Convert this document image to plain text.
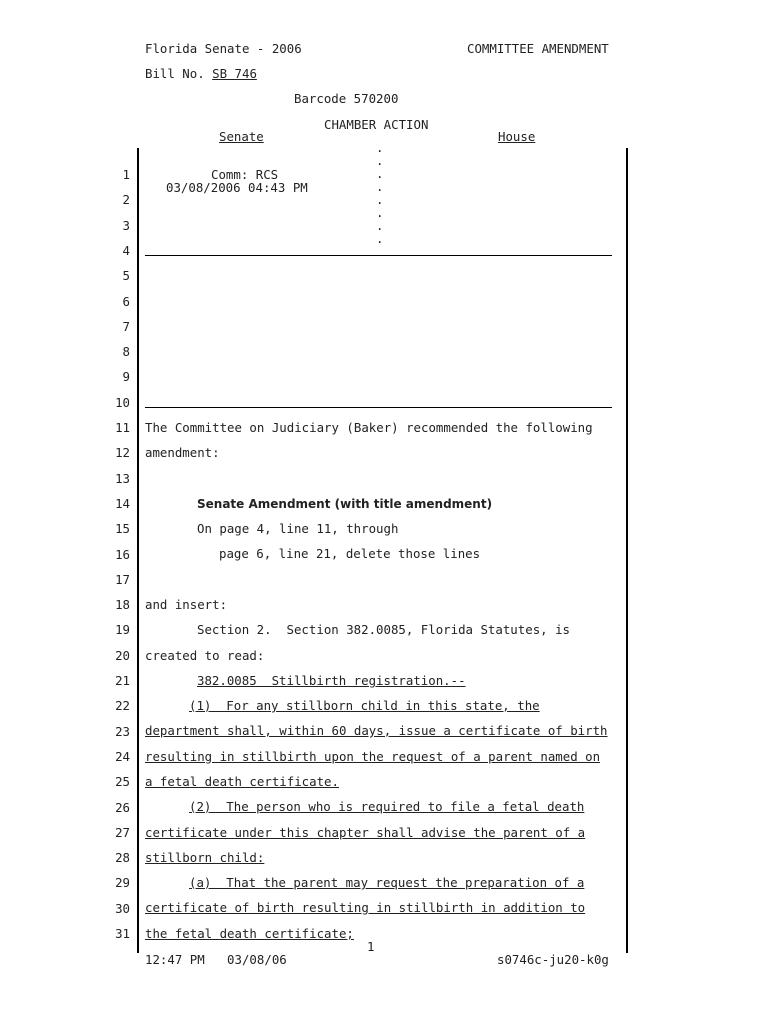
Florida Senate - 2006	COMMITTEE AMENDMENT
Bill No. SB 746
Barcode 570200
CHAMBER ACTION
Senate	House
Comm: RCS
03/08/2006 04:43 PM
.
.
.
.
.
.
.
.
1
2
3
4
5
6
7
8
9
10
11
12
13
14
15
16
17
18
19
20
21
22
23
24
25
26
27
28
29
30
31
The Committee on Judiciary (Baker) recommended the following
amendment:
Senate Amendment (with title amendment)
On page 4, line 11, through
page 6, line 21, delete those lines
and insert:
Section 2.  Section 382.0085, Florida Statutes, is
created to read:
382.0085  Stillbirth registration.--
(1)  For any stillborn child in this state, the
department shall, within 60 days, issue a certificate of birth
resulting in stillbirth upon the request of a parent named on
a fetal death certificate.
(2)  The person who is required to file a fetal death
certificate under this chapter shall advise the parent of a
stillborn child:
(a)  That the parent may request the preparation of a
certificate of birth resulting in stillbirth in addition to
the fetal death certificate;
1
12:47 PM   03/08/06	s0746c-ju20-k0g
